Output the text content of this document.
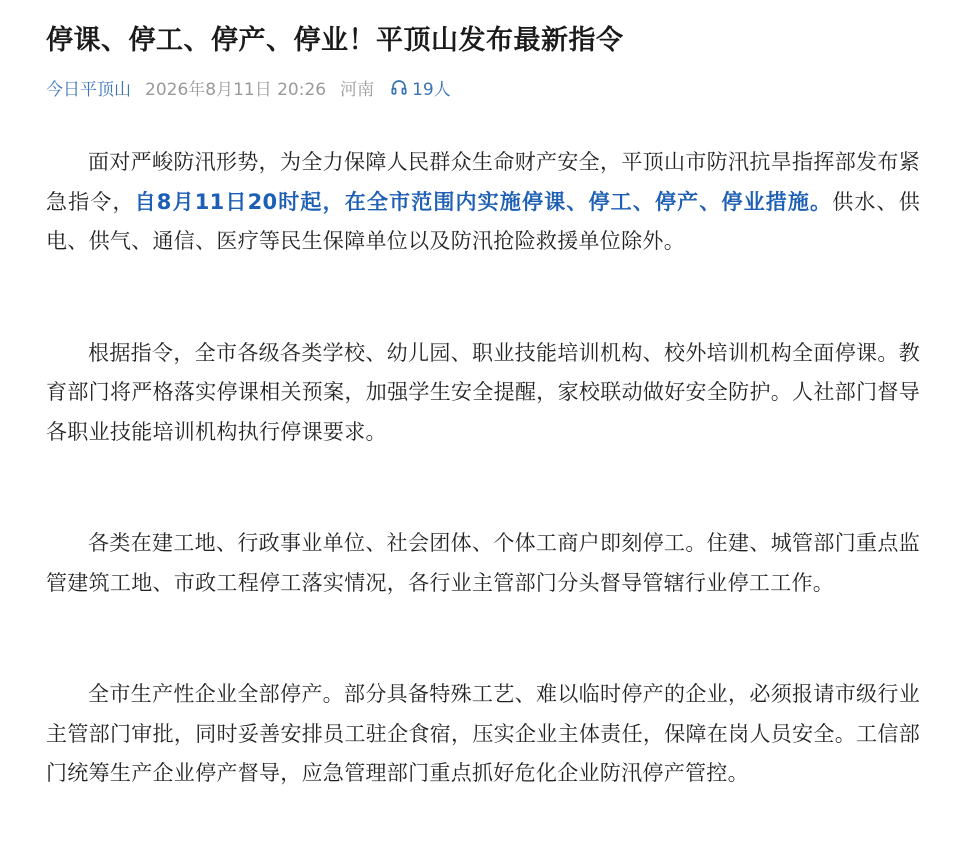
停课、停工、停产、停业！平顶山发布最新指令
今日平顶山 2026年8月11日 20:26 河南 19人

面对严峻防汛形势，为全力保障人民群众生命财产安全，平顶山市防汛抗旱指挥部发布紧急指令，自8月11日20时起，在全市范围内实施停课、停工、停产、停业措施。供水、供电、供气、通信、医疗等民生保障单位以及防汛抢险救援单位除外。

根据指令，全市各级各类学校、幼儿园、职业技能培训机构、校外培训机构全面停课。教育部门将严格落实停课相关预案，加强学生安全提醒，家校联动做好安全防护。人社部门督导各职业技能培训机构执行停课要求。

各类在建工地、行政事业单位、社会团体、个体工商户即刻停工。住建、城管部门重点监管建筑工地、市政工程停工落实情况，各行业主管部门分头督导管辖行业停工工作。

全市生产性企业全部停产。部分具备特殊工艺、难以临时停产的企业，必须报请市级行业主管部门审批，同时妥善安排员工驻企食宿，压实企业主体责任，保障在岗人员安全。工信部门统筹生产企业停产督导，应急管理部门重点抓好危化企业防汛停产管控。
